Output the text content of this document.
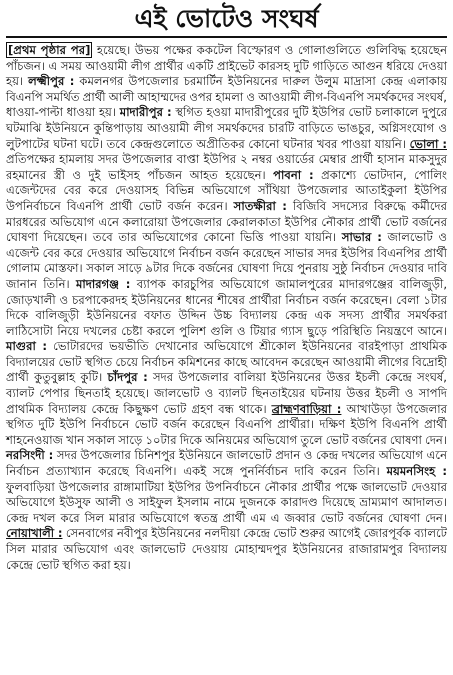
এই ভোটেও সংঘর্ষ
[প্রথম পৃষ্ঠার পর] হয়েছে। উভয় পক্ষের ককটেল বিস্ফোরণ ও গোলাগুলিতে গুলিবিদ্ধ হয়েছেন পাঁচজন। এ সময় আওয়ামী লীগ প্রার্থীর একটি প্রাইভেট কারসহ দুটি গাড়িতে আগুন ধরিয়ে দেওয়া হয়। লক্ষ্মীপুর : কমলনগর উপজেলার চরমার্টিন ইউনিয়নের দারুল উলুম মাদ্রাসা কেন্দ্র এলাকায় বিএনপি সমর্থিত প্রার্থী আলী আহাম্মদের ওপর হামলা ও আওয়ামী লীগ-বিএনপি সমর্থকদের সংঘর্ষ, ধাওয়া-পাল্টা ধাওয়া হয়। মাদারীপুর : স্থগিত হওয়া মাদারীপুরের দুটি ইউপির ভোট চলাকালে দুপুরে ঘটমাঝি ইউনিয়নে কুন্তিপাড়ায় আওয়ামী লীগ সমর্থকদের চারটি বাড়িতে ভাঙচুর, অগ্নিসংযোগ ও লুটপাটের ঘটনা ঘটে। তবে কেন্দ্রগুলোতে অপ্রীতিকর কোনো ঘটনার খবর পাওয়া যায়নি। ভোলা : প্রতিপক্ষের হামলায় সদর উপজেলার বাপ্তা ইউপির ২ নম্বর ওয়ার্ডের মেম্বার প্রার্থী হাসান মাকসুদুর রহমানের স্ত্রী ও দুই ভাইসহ পাঁচজন আহত হয়েছেন। পাবনা : প্রকাশ্যে ভোটদান, পোলিং এজেন্টদের বের করে দেওয়াসহ বিভিন্ন অভিযোগে সাঁথিয়া উপজেলার আতাইকুলা ইউপির উপনির্বাচনে বিএনপি প্রার্থী ভোট বর্জন করেন। সাতক্ষীরা : বিজিবি সদস্যের বিরুদ্ধে কর্মীদের মারধরের অভিযোগ এনে কলারোয়া উপজেলার কেরালকাতা ইউপির নৌকার প্রার্থী ভোট বর্জনের ঘোষণা দিয়েছেন। তবে তার অভিযোগের কোনো ভিত্তি পাওয়া যায়নি। সাভার : জালভোট ও এজেন্ট বের করে দেওয়ার অভিযোগে নির্বাচন বর্জন করেছেন সাভার সদর ইউপির বিএনপির প্রার্থী গোলাম মোস্তফা। সকাল সাড়ে ৯টার দিকে বর্জনের ঘোষণা দিয়ে পুনরায় সুষ্ঠু নির্বাচন দেওয়ার দাবি জানান তিনি। মাদারগঞ্জ : ব্যাপক কারচুপির অভিযোগে জামালপুরের মাদারগঞ্জের বালিজুড়ী, জোড়খালী ও চরপাকেরদহ ইউনিয়নের ধানের শীষের প্রার্থীরা নির্বাচন বর্জন করেছেন। বেলা ১টার দিকে বালিজুড়ী ইউনিয়নের বফাত উদ্দিন উচ্চ বিদ্যালয় কেন্দ্র এক সদস্য প্রার্থীর সমর্থকরা লাঠিসোটা নিয়ে দখলের চেষ্টা করলে পুলিশ গুলি ও টিয়ার গ্যাস ছুড়ে পরিস্থিতি নিয়ন্ত্রণে আনে। মাগুরা : ভোটারদের ভয়ভীতি দেখানোর অভিযোগে শ্রীকোল ইউনিয়নের বারইপাড়া প্রাথমিক বিদ্যালয়ের ভোট স্থগিত চেয়ে নির্বাচন কমিশনের কাছে আবেদন করেছেন আওয়ামী লীগের বিদ্রোহী প্রার্থী কুতুবুল্লাহ কুটি। চাঁদপুর : সদর উপজেলার বালিয়া ইউনিয়নের উত্তর ইচলী কেন্দ্রে সংঘর্ষ, ব্যালট পেপার ছিনতাই হয়েছে। জালভোট ও ব্যালট ছিনতাইয়ের ঘটনায় উত্তর ইচলী ও সাপদি প্রাথমিক বিদ্যালয় কেন্দ্রে কিছুক্ষণ ভোট গ্রহণ বন্ধ থাকে। ব্রাহ্মণবাড়িয়া : আখাউড়া উপজেলার স্থগিত দুটি ইউপি নির্বাচনে ভোট বর্জন করেছেন বিএনপি প্রার্থীরা। দক্ষিণ ইউপি বিএনপি প্রার্থী শাহনেওয়াজ খান সকাল সাড়ে ১০টার দিকে অনিয়মের অভিযোগ তুলে ভোট বর্জনের ঘোষণা দেন। নরসিংদী : সদর উপজেলার চিনিশপুর ইউনিয়নে জালভোট প্রদান ও কেন্দ্র দখলের অভিযোগ এনে নির্বাচন প্রত্যাখ্যান করেছে বিএনপি। একই সঙ্গে পুনর্নির্বাচন দাবি করেন তিনি। ময়মনসিংহ : ফুলবাড়িয়া উপজেলার রাঙ্গামাটিয়া ইউপির উপনির্বাচনে নৌকার প্রার্থীর পক্ষে জালভোট দেওয়ার অভিযোগে ইউসুফ আলী ও সাইফুল ইসলাম নামে দুজনকে কারাদণ্ড দিয়েছে ভ্রাম্যমাণ আদালত। কেন্দ্র দখল করে সিল মারার অভিযোগে স্বতন্ত্র প্রার্থী এম এ জব্বার ভোট বর্জনের ঘোষণা দেন। নোয়াখালী : সেনবাগের নবীপুর ইউনিয়নের নলদীয়া কেন্দ্রে ভোট শুরুর আগেই জোরপূর্বক ব্যালটে সিল মারার অভিযোগ এবং জালভোট দেওয়ায় মোহাম্মদপুর ইউনিয়নের রাজারামপুর বিদ্যালয় কেন্দ্রে ভোট স্থগিত করা হয়।
